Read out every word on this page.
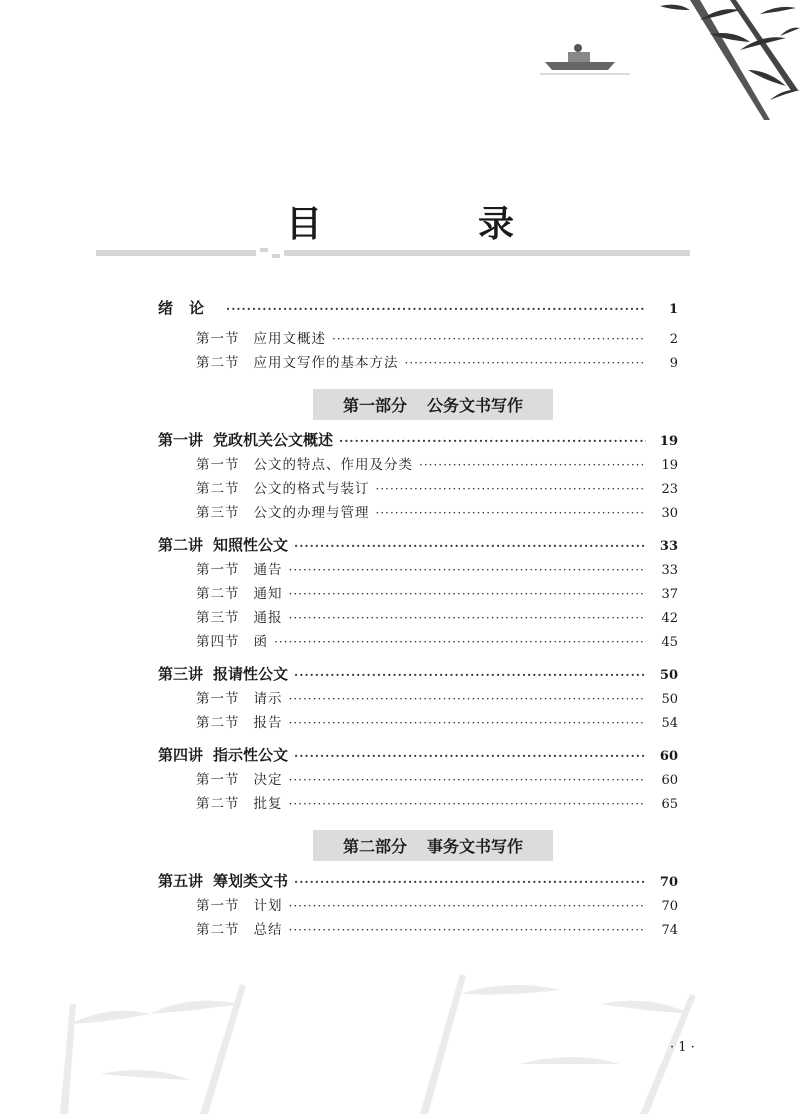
目　录
绪论 ·····	1
第一节 应用文概述 ·····	2
第二节 应用文写作的基本方法 ·····	9
第一部分 公务文书写作
第一讲 党政机关公文概述 ·····	19
第一节 公文的特点、作用及分类 ·····	19
第二节 公文的格式与装订 ·····	23
第三节 公文的办理与管理 ·····	30
第二讲 知照性公文 ·····	33
第一节 通告 ·····	33
第二节 通知 ·····	37
第三节 通报 ·····	42
第四节 函 ·····	45
第三讲 报请性公文 ·····	50
第一节 请示 ·····	50
第二节 报告 ·····	54
第四讲 指示性公文 ·····	60
第一节 决定 ·····	60
第二节 批复 ·····	65
第二部分 事务文书写作
第五讲 筹划类文书 ·····	70
第一节 计划 ·····	70
第二节 总结 ·····	74
· 1 ·
